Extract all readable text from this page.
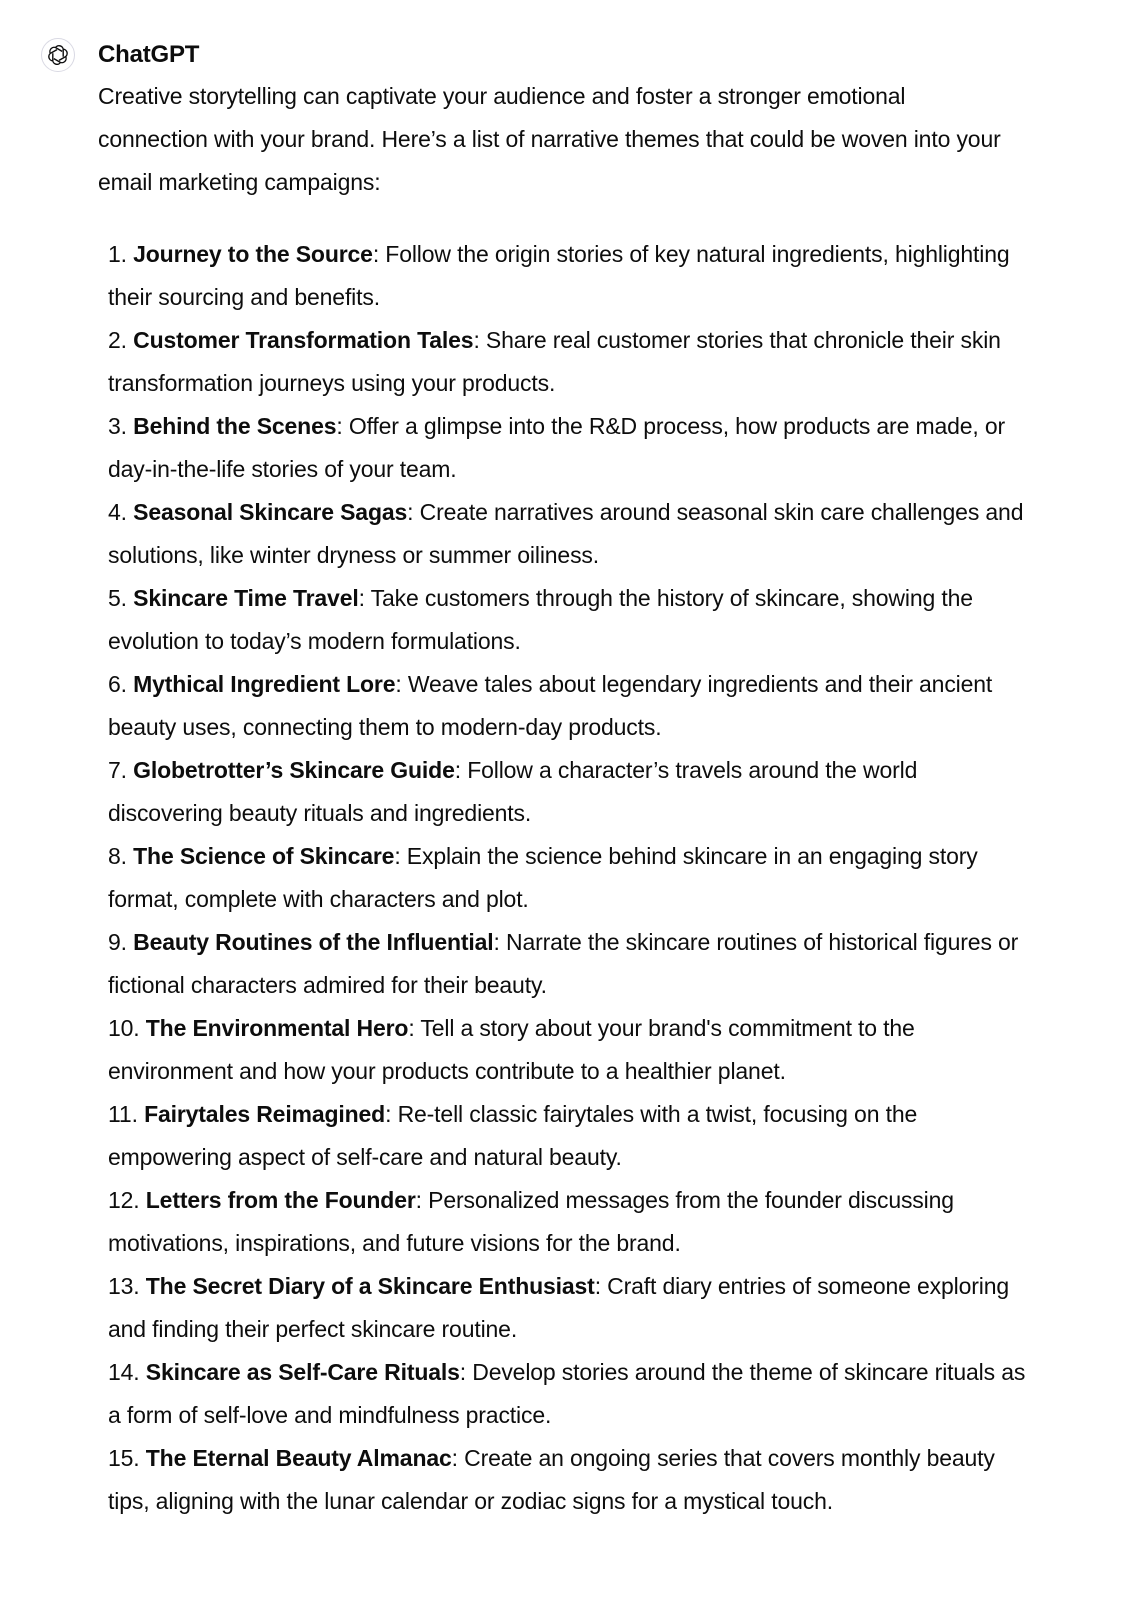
ChatGPT

Creative storytelling can captivate your audience and foster a stronger emotional connection with your brand. Here’s a list of narrative themes that could be woven into your email marketing campaigns:

1. Journey to the Source: Follow the origin stories of key natural ingredients, highlighting their sourcing and benefits.
2. Customer Transformation Tales: Share real customer stories that chronicle their skin transformation journeys using your products.
3. Behind the Scenes: Offer a glimpse into the R&D process, how products are made, or day-in-the-life stories of your team.
4. Seasonal Skincare Sagas: Create narratives around seasonal skin care challenges and solutions, like winter dryness or summer oiliness.
5. Skincare Time Travel: Take customers through the history of skincare, showing the evolution to today’s modern formulations.
6. Mythical Ingredient Lore: Weave tales about legendary ingredients and their ancient beauty uses, connecting them to modern-day products.
7. Globetrotter’s Skincare Guide: Follow a character’s travels around the world discovering beauty rituals and ingredients.
8. The Science of Skincare: Explain the science behind skincare in an engaging story format, complete with characters and plot.
9. Beauty Routines of the Influential: Narrate the skincare routines of historical figures or fictional characters admired for their beauty.
10. The Environmental Hero: Tell a story about your brand's commitment to the environment and how your products contribute to a healthier planet.
11. Fairytales Reimagined: Re-tell classic fairytales with a twist, focusing on the empowering aspect of self-care and natural beauty.
12. Letters from the Founder: Personalized messages from the founder discussing motivations, inspirations, and future visions for the brand.
13. The Secret Diary of a Skincare Enthusiast: Craft diary entries of someone exploring and finding their perfect skincare routine.
14. Skincare as Self-Care Rituals: Develop stories around the theme of skincare rituals as a form of self-love and mindfulness practice.
15. The Eternal Beauty Almanac: Create an ongoing series that covers monthly beauty tips, aligning with the lunar calendar or zodiac signs for a mystical touch.
